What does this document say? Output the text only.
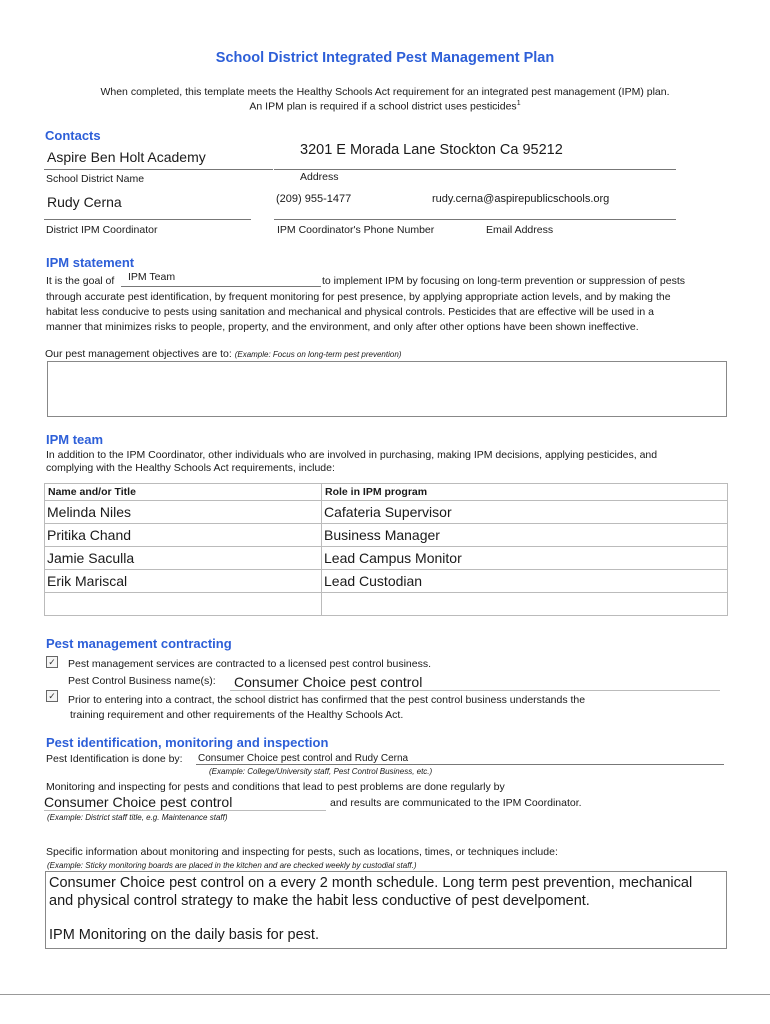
School District Integrated Pest Management Plan
When completed, this template meets the Healthy Schools Act requirement for an integrated pest management (IPM) plan.
An IPM plan is required if a school district uses pesticides$^1$
Contacts
Aspire Ben Holt Academy
School District Name
3201 E Morada Lane Stockton Ca 95212
Address
Rudy Cerna
District IPM Coordinator
(209) 955-1477	rudy.cerna@aspirepublicschools.org
IPM Coordinator's Phone Number	Email Address
IPM statement
It is the goal of IPM Team	to implement IPM by focusing on long-term prevention or suppression of pests
through accurate pest identification, by frequent monitoring for pest presence, by applying appropriate action levels, and by making the
habitat less conducive to pests using sanitation and mechanical and physical controls. Pesticides that are effective will be used in a
manner that minimizes risks to people, property, and the environment, and only after other options have been shown ineffective.
Our pest management objectives are to: (Example: Focus on long-term pest prevention)
IPM team
In addition to the IPM Coordinator, other individuals who are involved in purchasing, making IPM decisions, applying pesticides, and
complying with the Healthy Schools Act requirements, include:
Name and/or Title	Role in IPM program
Melinda Niles	Cafateria Supervisor
Pritika Chand	Business Manager
Jamie Saculla	Lead Campus Monitor
Erik Mariscal	Lead Custodian

Pest management contracting
✓ Pest management services are contracted to a licensed pest control business.
Pest Control Business name(s): Consumer Choice pest control
✓ Prior to entering into a contract, the school district has confirmed that the pest control business understands the
training requirement and other requirements of the Healthy Schools Act.
Pest identification, monitoring and inspection
Pest Identification is done by: Consumer Choice pest control and Rudy Cerna
(Example: College/University staff, Pest Control Business, etc.)
Monitoring and inspecting for pests and conditions that lead to pest problems are done regularly by
Consumer Choice pest control	and results are communicated to the IPM Coordinator.
(Example: District staff title, e.g. Maintenance staff)
Specific information about monitoring and inspecting for pests, such as locations, times, or techniques include:
(Example: Sticky monitoring boards are placed in the kitchen and are checked weekly by custodial staff.)
Consumer Choice pest control on a every 2 month schedule. Long term pest prevention, mechanical
and physical control strategy to make the habit less conductive of pest develpoment.
IPM Monitoring on the daily basis for pest.
